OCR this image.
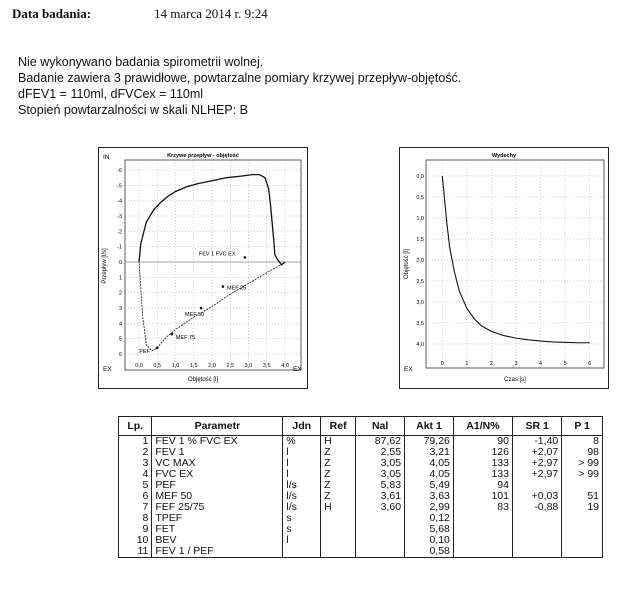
Data badania:	14 marca 2014 r. 9:24
Nie wykonywano badania spirometrii wolnej.
Badanie zawiera 3 prawidłowe, powtarzalne pomiary krzywej przepływ-objętość.
dFEV1 = 110ml, dFVCex = 110ml
Stopień powtarzalności w skali NLHEP: B
IN
EX	EX
Krzywe przepływ - objętość
0,0 0,5 1,0 1,5 2,0 2,5 3,0 3,5 4,0
-6
-5
-4
-3
-2
-1
0
1
2
3
4
5
6
Objętość [l]
Przepływ [l/s]	FEV 1 FVC EX
MEF 25
MEF 50
MEF 75
PEF
Wydechy
EX
0	1	2	3	4	5	6
0,0
0,5
1,0
1,5
2,0
2,5
3,0
3,5
4,0
Czas [s]
Objętość [l]
Lp.	Parametr	Jdn	Ref	Nal	Akt 1	A1/N%	SR 1	P 1
1	FEV 1 % FVC EX	%	H	87,62	79,26	90	-1,40	8
2	FEV 1	l	Z	2,55	3,21	126	+2,07	98
3	VC MAX	l	Z	3,05	4,05	133	+2,97	> 99
4	FVC EX	l	Z	3,05	4,05	133	+2,97	> 99
5	PEF	l/s	Z	5,83	5,49	94		
6	MEF 50	l/s	Z	3,61	3,63	101	+0,03	51
7	FEF 25/75	l/s	H	3,60	2,99	83	-0,88	19
8	TPEF	s			0,12			
9	FET	s			5,68			
10	BEV	l			0,10			
11	FEV 1 / PEF				0,58			
